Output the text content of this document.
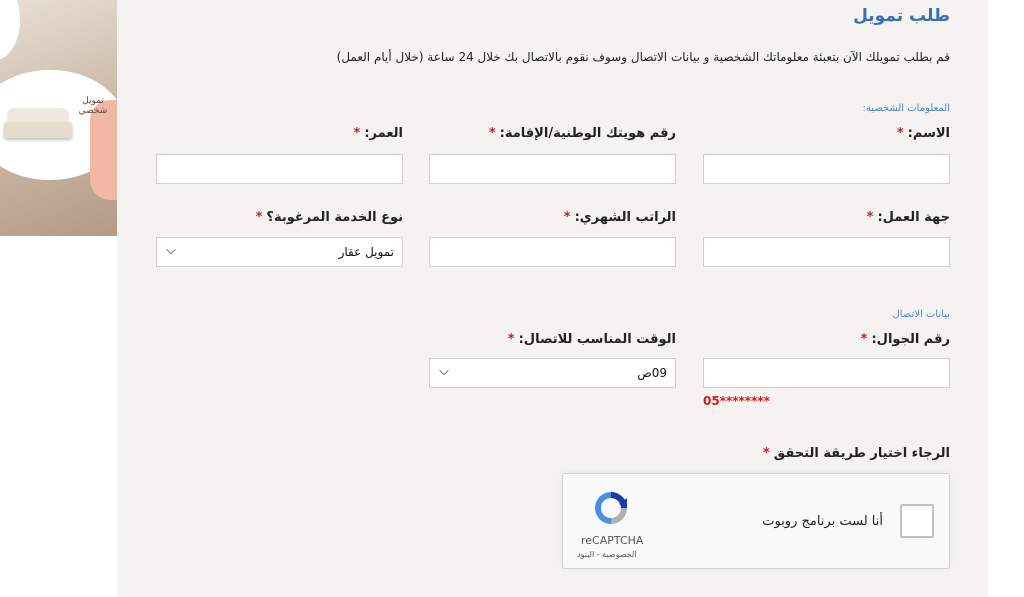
تمويل
شخصي
طلب تمويل
قم بطلب تمويلك الآن بتعبئة معلوماتك الشخصية و بيانات الاتصال وسوف نقوم بالاتصال بك خلال 24 ساعة (خلال أيام العمل)
المعلومات الشخصية:
الاسم:*
رقم هويتك الوطنية/الإقامة:*
العمر:*
جهة العمل:*
الراتب الشهري:*
نوع الخدمة المرغوبة؟*
تمويل عقار
⌵
بيانات الاتصال
رقم الجوال:*
الوقت المناسب للاتصال:*
05********
09ص
⌵
الرجاء اختيار طريقة التحقق*
أنا لست برنامج روبوت
reCAPTCHA
الخصوصية - البنود
